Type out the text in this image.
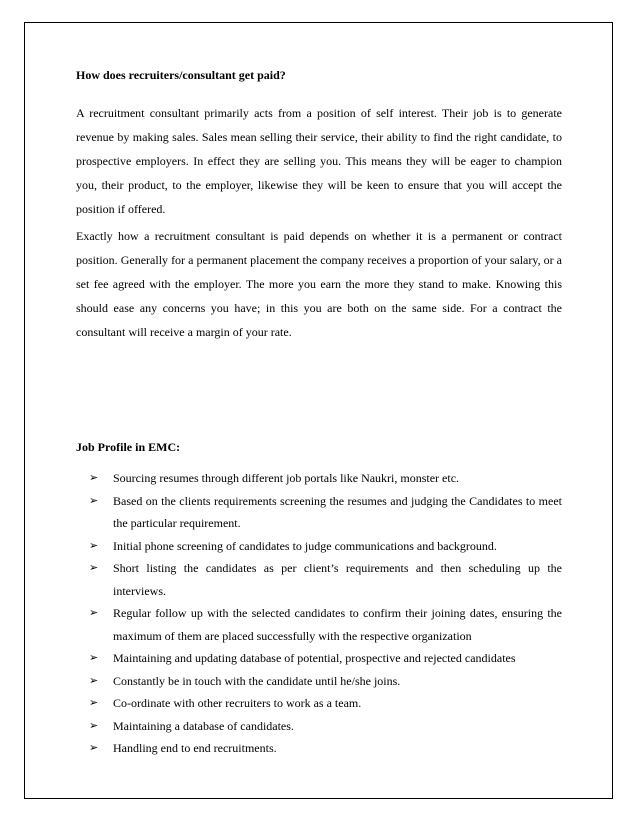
How does recruiters/consultant get paid?

A recruitment consultant primarily acts from a position of self interest. Their job is to generate revenue by making sales. Sales mean selling their service, their ability to find the right candidate, to prospective employers. In effect they are selling you. This means they will be eager to champion you, their product, to the employer, likewise they will be keen to ensure that you will accept the position if offered.

Exactly how a recruitment consultant is paid depends on whether it is a permanent or contract position. Generally for a permanent placement the company receives a proportion of your salary, or a set fee agreed with the employer. The more you earn the more they stand to make. Knowing this should ease any concerns you have; in this you are both on the same side. For a contract the consultant will receive a margin of your rate.

Job Profile in EMC:

➢ Sourcing resumes through different job portals like Naukri, monster etc.
➢ Based on the clients requirements screening the resumes and judging the Candidates to meet the particular requirement.
➢ Initial phone screening of candidates to judge communications and background.
➢ Short listing the candidates as per client’s requirements and then scheduling up the interviews.
➢ Regular follow up with the selected candidates to confirm their joining dates, ensuring the maximum of them are placed successfully with the respective organization
➢ Maintaining and updating database of potential, prospective and rejected candidates
➢ Constantly be in touch with the candidate until he/she joins.
➢ Co-ordinate with other recruiters to work as a team.
➢ Maintaining a database of candidates.
➢ Handling end to end recruitments.
